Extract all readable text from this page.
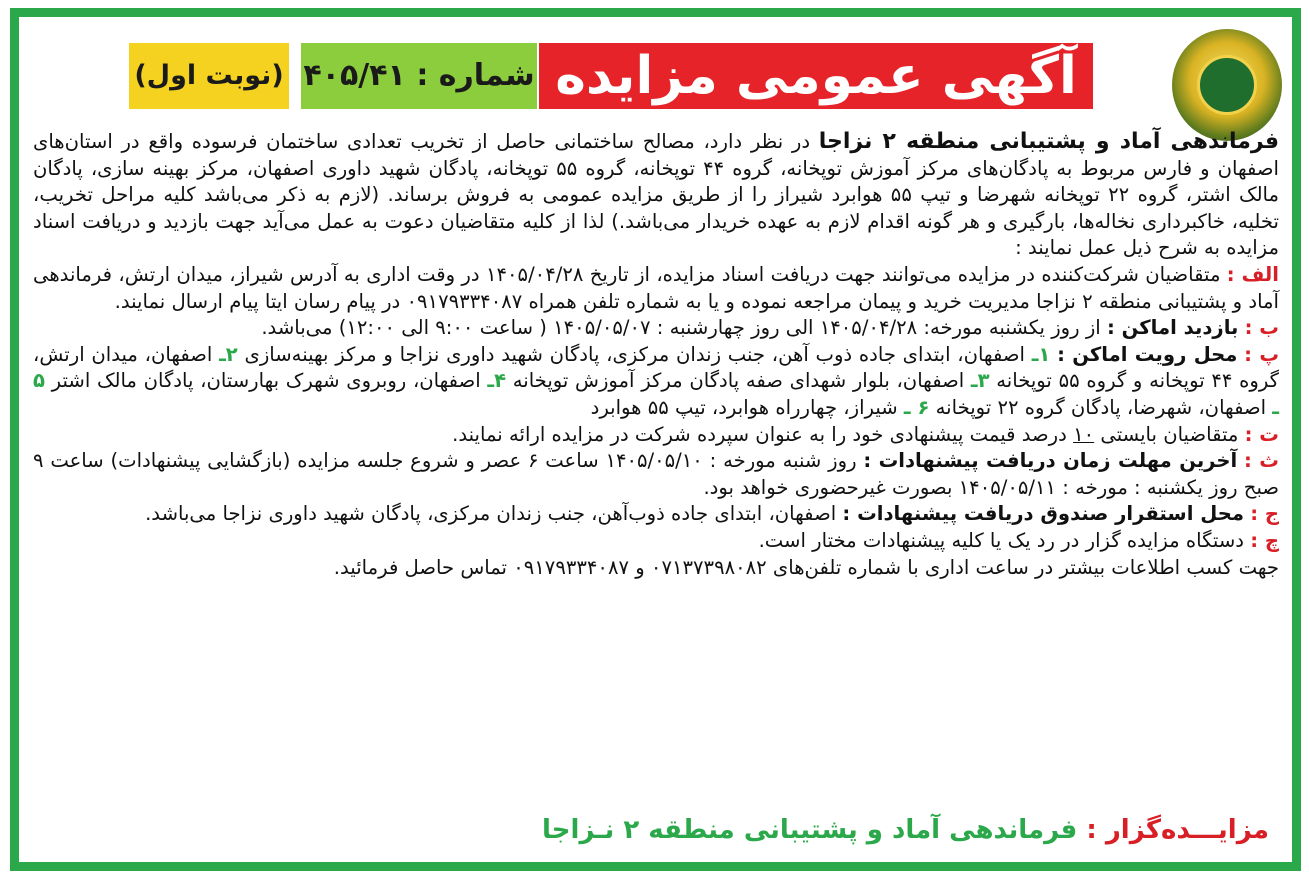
آگهی عمومی مزایده
شماره : ۴۰۵/۴۱
(نوبت اول)

فرماندهی آماد و پشتیبانی منطقه ۲ نزاجا در نظر دارد، مصالح ساختمانی حاصل از تخریب تعدادی ساختمان فرسوده واقع در استان‌های اصفهان و فارس مربوط به پادگان‌های مرکز آموزش توپخانه، گروه ۴۴ توپخانه، گروه ۵۵ توپخانه، پادگان شهید داوری اصفهان، مرکز بهینه سازی، پادگان مالک اشتر، گروه ۲۲ توپخانه شهرضا و تیپ ۵۵ هوابرد شیراز را از طریق مزایده عمومی به فروش برساند. (لازم به ذکر می‌باشد کلیه مراحل تخریب، تخلیه، خاکبرداری نخاله‌ها، بارگیری و هر گونه اقدام لازم به عهده خریدار می‌باشد.) لذا از کلیه متقاضیان دعوت به عمل می‌آید جهت بازدید و دریافت اسناد مزایده به شرح ذیل عمل نمایند :

الف : متقاضیان شرکت‌کننده در مزایده می‌توانند جهت دریافت اسناد مزایده، از تاریخ ۱۴۰۵/۰۴/۲۸ در وقت اداری به آدرس شیراز، میدان ارتش، فرماندهی آماد و پشتیبانی منطقه ۲ نزاجا مدیریت خرید و پیمان مراجعه نموده و یا به شماره تلفن همراه ۰۹۱۷۹۳۳۴۰۸۷ در پیام رسان ایتا پیام ارسال نمایند.

ب : بازدید اماکن : از روز یکشنبه مورخه: ۱۴۰۵/۰۴/۲۸ الی روز چهارشنبه : ۱۴۰۵/۰۵/۰۷ ( ساعت ۹:۰۰ الی ۱۲:۰۰) می‌باشد.

پ : محل رویت اماکن : ۱ـ اصفهان، ابتدای جاده ذوب آهن، جنب زندان مرکزی، پادگان شهید داوری نزاجا و مرکز بهینه‌سازی ۲ـ اصفهان، میدان ارتش، گروه ۴۴ توپخانه و گروه ۵۵ توپخانه ۳ـ اصفهان، بلوار شهدای صفه پادگان مرکز آموزش توپخانه ۴ـ اصفهان، روبروی شهرک بهارستان، پادگان مالک اشتر ۵ ـ اصفهان، شهرضا، پادگان گروه ۲۲ توپخانه ۶ ـ شیراز، چهارراه هوابرد، تیپ ۵۵ هوابرد

ت : متقاضیان بایستی ۱۰ درصد قیمت پیشنهادی خود را به عنوان سپرده شرکت در مزایده ارائه نمایند.

ث : آخرین مهلت زمان دریافت پیشنهادات : روز شنبه مورخه : ۱۴۰۵/۰۵/۱۰ ساعت ۶ عصر و شروع جلسه مزایده (بازگشایی پیشنهادات) ساعت ۹ صبح روز یکشنبه : مورخه : ۱۴۰۵/۰۵/۱۱ بصورت غیرحضوری خواهد بود.

ج : محل استقرار صندوق دریافت پیشنهادات : اصفهان، ابتدای جاده ذوب‌آهن، جنب زندان مرکزی، پادگان شهید داوری نزاجا می‌باشد.

چ : دستگاه مزایده گزار در رد یک یا کلیه پیشنهادات مختار است.

جهت کسب اطلاعات بیشتر در ساعت اداری با شماره تلفن‌های ۰۷۱۳۷۳۹۸۰۸۲ و ۰۹۱۷۹۳۳۴۰۸۷ تماس حاصل فرمائید.

مزایـــده‌گزار : فرماندهی آماد و پشتیبانی منطقه ۲ نـزاجا
